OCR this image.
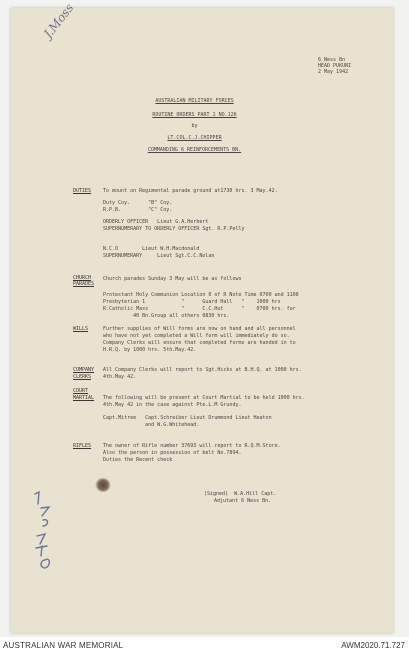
J.Moss
6 Ness Bn
HEAD PUKUNI
2 May 1942
AUSTRALIAN MILITARY FORCES
ROUTINE ORDERS PART 1 NO.126
by
LT.COL.C.J.CHIPPER
COMMANDING 6 REINFORCEMENTS BN.
DUTIES To mount on Regimental parade ground at1730 hrs. 3 May.42.
Duty Coy.      "B" Coy.
R.P.B.         "C" Coy.
ORDERLY OFFICER   Lieut G.A.Herbert
SUPERNUMERARY TO ORDERLY OFFICER Sgt. R.P.Pelly
N.C.O        Lieut W.H.Macdonald
SUPERNUMERARY     Lieut Sgt.C.C.Nolan
CHURCH
PARADES
Church parades Sunday 3 May will be as follows
Protestant Holy Communion Location 0 of R Note Time 0700 and 1100
Presbyterian 1            "      Guard Hall   "    1000 hrs
R.Catholic Mass           "      C.C.Hut      "    0700 hrs. for
40 Bn.Group all others 0830 hrs.
WILLS	Further supplies of Will forms are now on hand and all personnel
who have not yet completed a Will form will immediately do so.
Company Clerks will ensure that completed forms are handed in to
H.R.Q. by 1000 hrs. 5th.May.42.
COMPANY
CLERKS
All Company Clerks will report to Sgt.Hicks at B.H.Q. at 1000 hrs.
4th.May 42.
COURT
MARTIAL The following will be present at Court Martial to be held 1000 hrs.
4th.May 42 in the case against Pte.L.M Grundy.
Capt.Mitree   Capt.Schreiber Lieut Drummond Lieut Heaton
and W.G.Whitehead.
RIFLES The owner of Rifle number 37693 will report to R.Q.M.Store.
Also the person in possession of belt No.7894.
Duties the Recent check
(Signed)  W.A.Hill Capt.
Adjutant 6 Ness Bn.
AUSTRALIAN WAR MEMORIAL	AWM2020.71.727
